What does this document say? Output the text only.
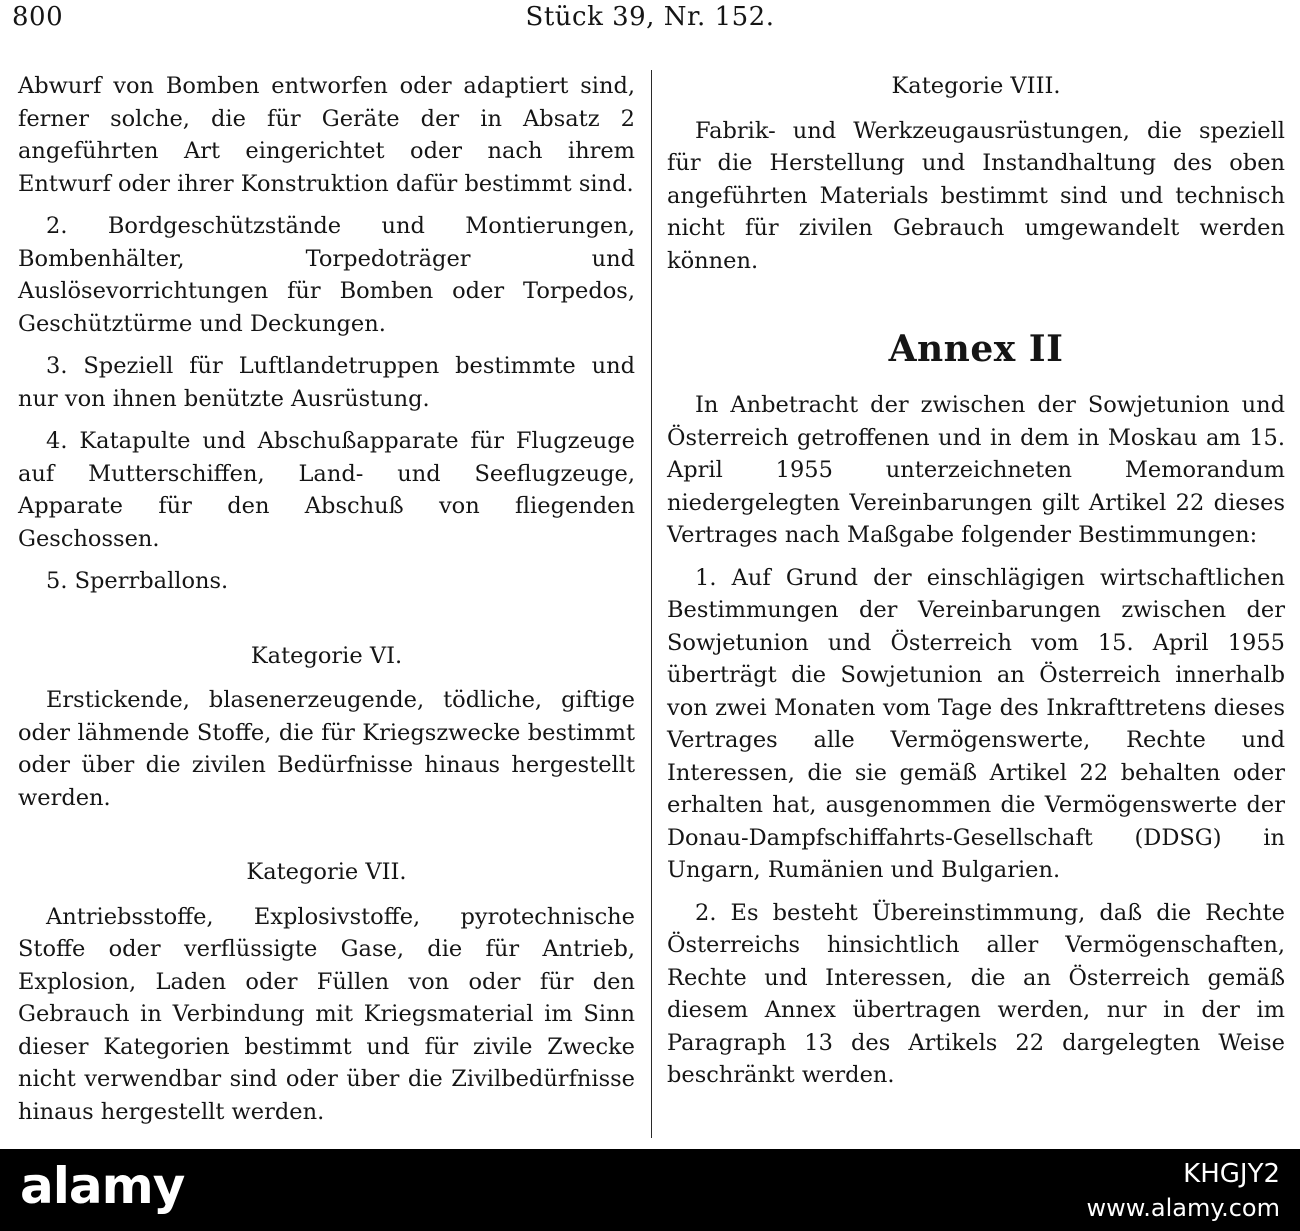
800	Stück 39, Nr. 152.

Abwurf von Bomben entworfen oder adaptiert sind, ferner solche, die für Geräte der in Absatz 2 angeführten Art eingerichtet oder nach ihrem Entwurf oder ihrer Konstruktion dafür bestimmt sind.

2. Bordgeschützstände und Montierungen, Bombenhälter, Torpedoträger und Auslösevorrichtungen für Bomben oder Torpedos, Geschütztürme und Deckungen.

3. Speziell für Luftlandetruppen bestimmte und nur von ihnen benützte Ausrüstung.

4. Katapulte und Abschußapparate für Flugzeuge auf Mutterschiffen, Land- und Seeflugzeuge, Apparate für den Abschuß von fliegenden Geschossen.

5. Sperrballons.

Kategorie VI.

Erstickende, blasenerzeugende, tödliche, giftige oder lähmende Stoffe, die für Kriegszwecke bestimmt oder über die zivilen Bedürfnisse hinaus hergestellt werden.

Kategorie VII.

Antriebsstoffe, Explosivstoffe, pyrotechnische Stoffe oder verflüssigte Gase, die für Antrieb, Explosion, Laden oder Füllen von oder für den Gebrauch in Verbindung mit Kriegsmaterial im Sinn dieser Kategorien bestimmt und für zivile Zwecke nicht verwendbar sind oder über die Zivilbedürfnisse hinaus hergestellt werden.

Kategorie VIII.

Fabrik- und Werkzeugausrüstungen, die speziell für die Herstellung und Instandhaltung des oben angeführten Materials bestimmt sind und technisch nicht für zivilen Gebrauch umgewandelt werden können.

Annex II

In Anbetracht der zwischen der Sowjetunion und Österreich getroffenen und in dem in Moskau am 15. April 1955 unterzeichneten Memorandum niedergelegten Vereinbarungen gilt Artikel 22 dieses Vertrages nach Maßgabe folgender Bestimmungen:

1. Auf Grund der einschlägigen wirtschaftlichen Bestimmungen der Vereinbarungen zwischen der Sowjetunion und Österreich vom 15. April 1955 überträgt die Sowjetunion an Österreich innerhalb von zwei Monaten vom Tage des Inkrafttretens dieses Vertrages alle Vermögenswerte, Rechte und Interessen, die sie gemäß Artikel 22 behalten oder erhalten hat, ausgenommen die Vermögenswerte der Donau-Dampfschiffahrts-Gesellschaft (DDSG) in Ungarn, Rumänien und Bulgarien.

2. Es besteht Übereinstimmung, daß die Rechte Österreichs hinsichtlich aller Vermögenschaften, Rechte und Interessen, die an Österreich gemäß diesem Annex übertragen werden, nur in der im Paragraph 13 des Artikels 22 dargelegten Weise beschränkt werden.

alamy	KHGJY2
www.alamy.com
